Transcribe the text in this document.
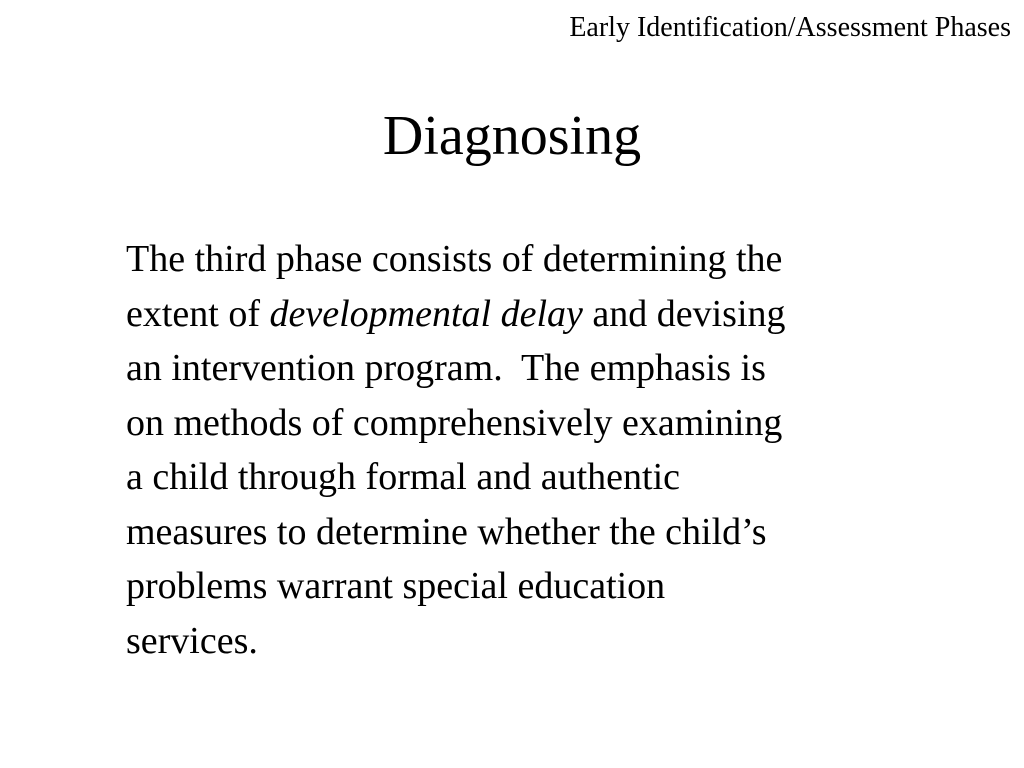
Early Identification/Assessment Phases
Diagnosing
The third phase consists of determining the
extent of developmental delay and devising
an intervention program.  The emphasis is
on methods of comprehensively examining
a child through formal and authentic
measures to determine whether the child’s
problems warrant special education
services.
